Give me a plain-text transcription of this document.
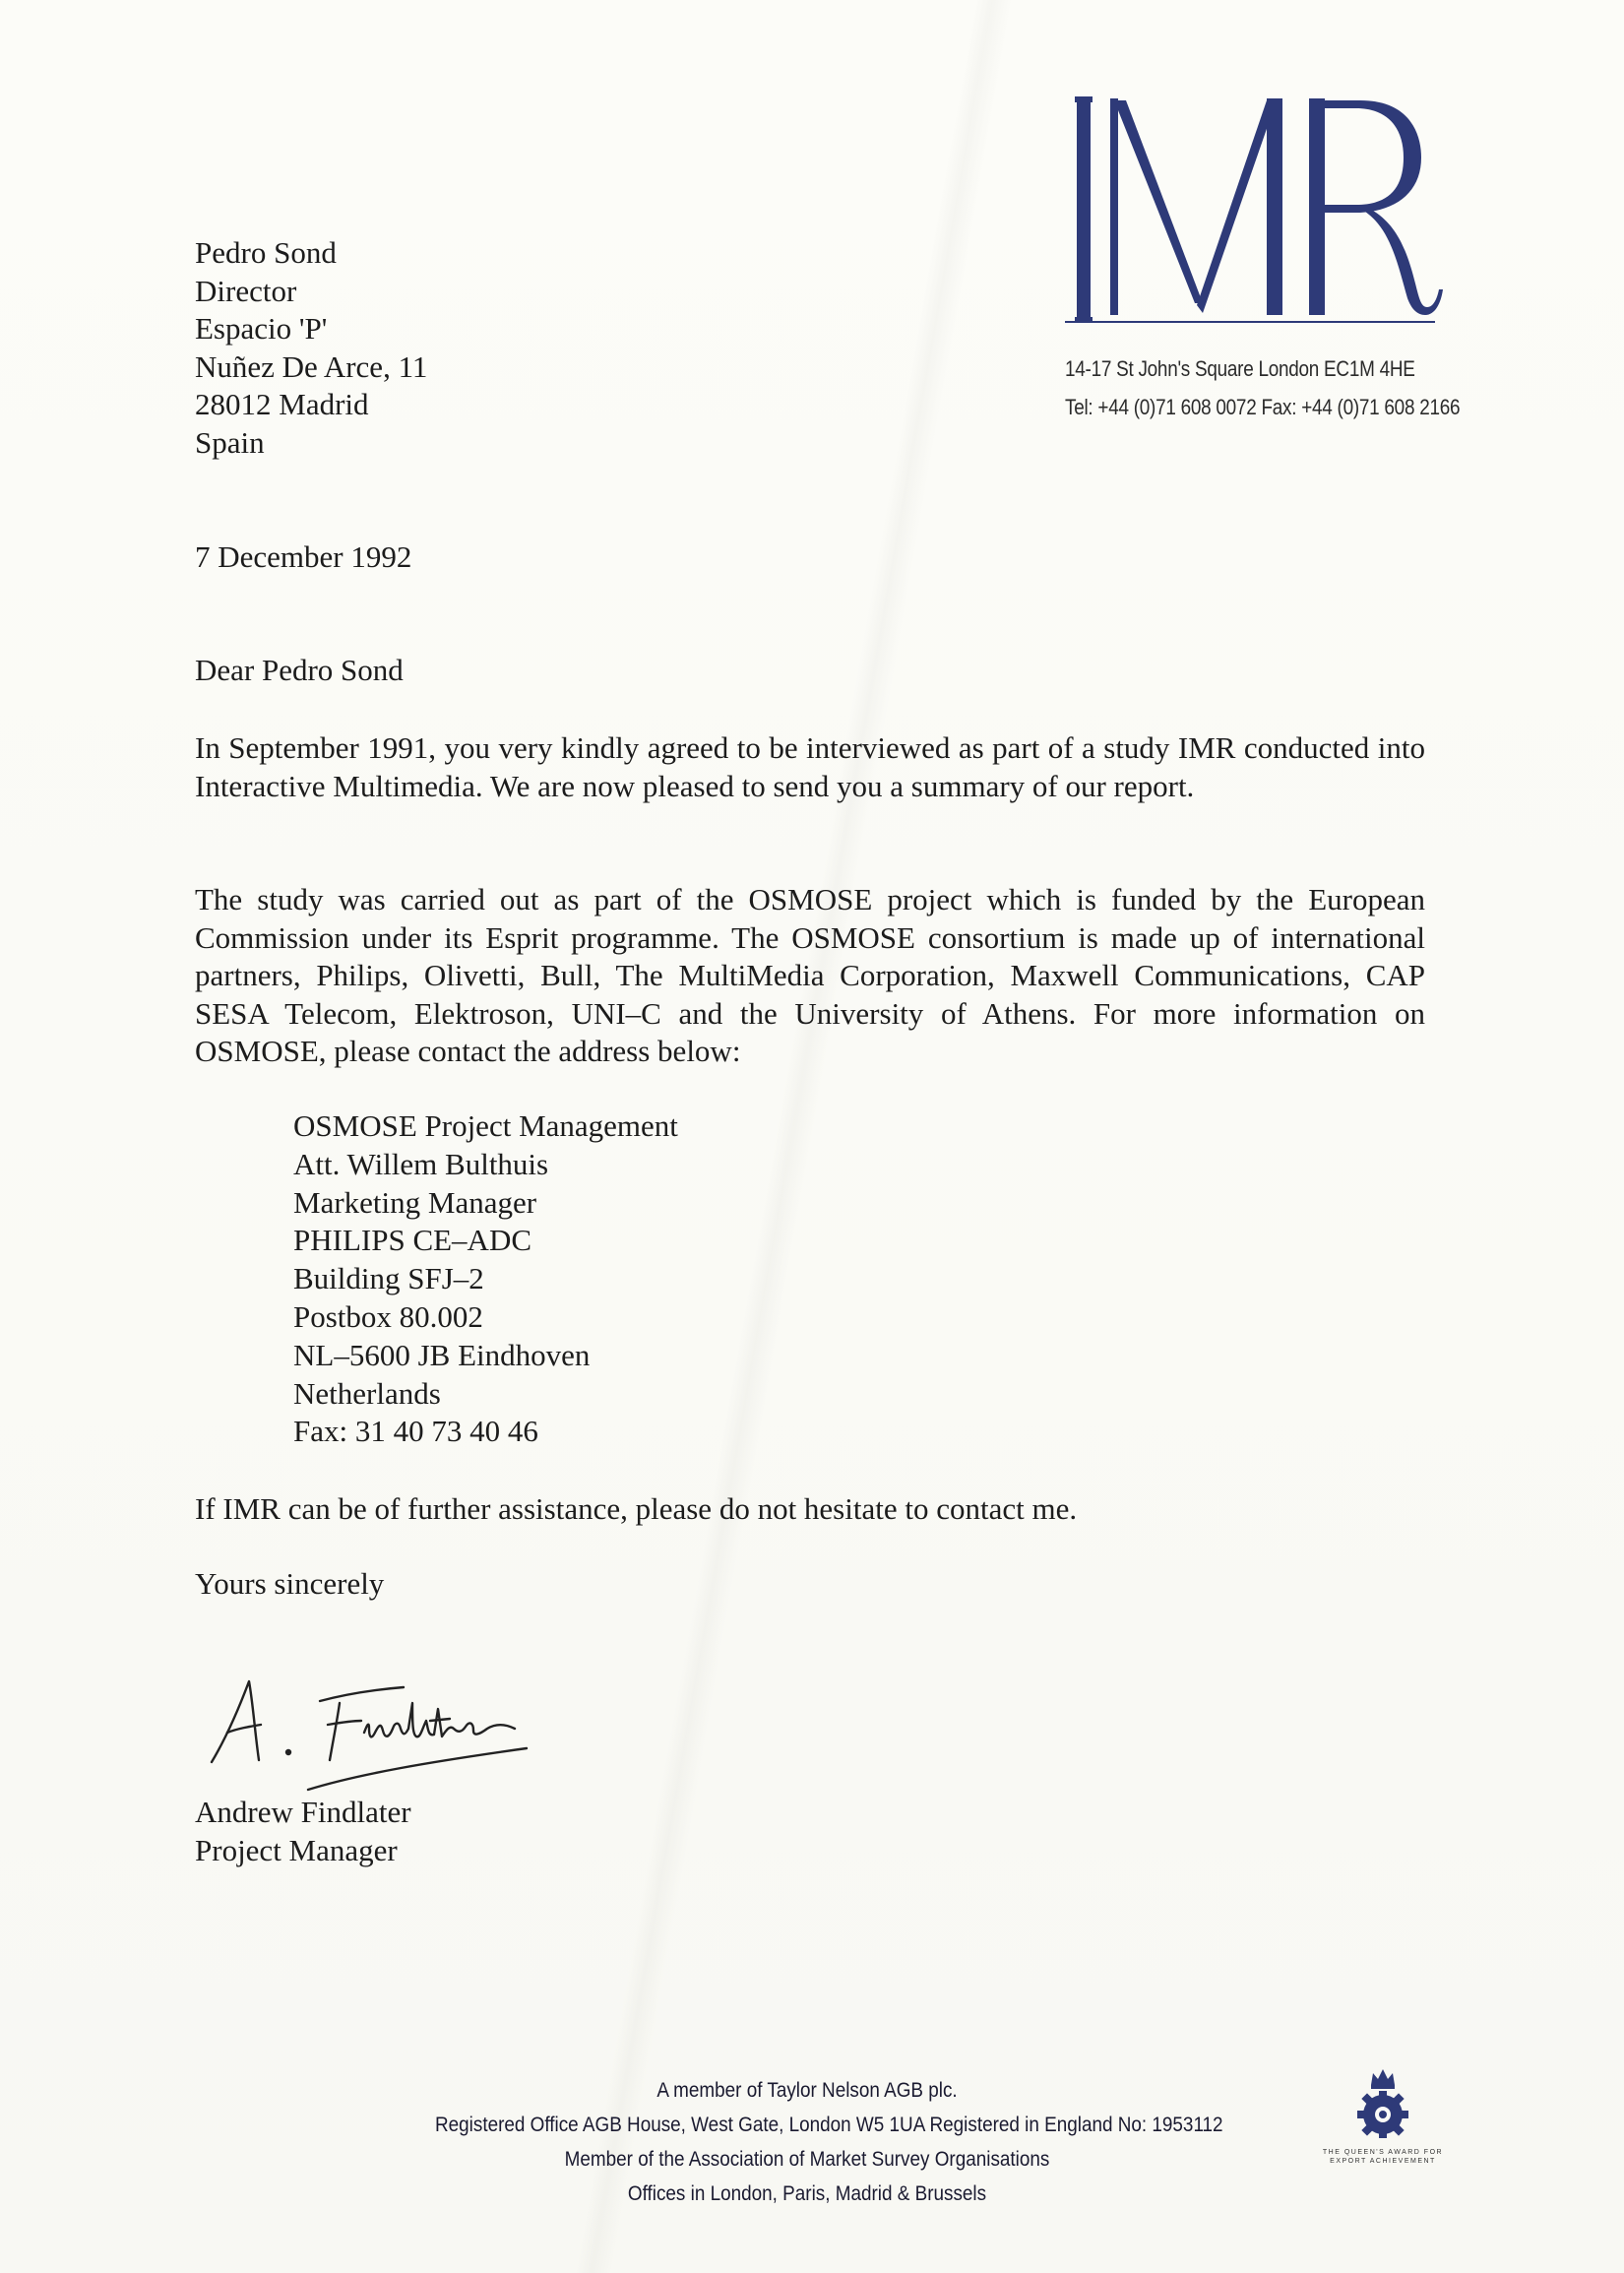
14-17 St John's Square London EC1M 4HE
Tel: +44 (0)71 608 0072 Fax: +44 (0)71 608 2166
Pedro Sond
Director
Espacio 'P'
Nuñez De Arce, 11
28012 Madrid
Spain
7 December 1992
Dear Pedro Sond
In September 1991, you very kindly agreed to be interviewed as part of a study IMR conducted into Interactive Multimedia. We are now pleased to send you a summary of our report.
The study was carried out as part of the OSMOSE project which is funded by the European Commission under its Esprit programme. The OSMOSE consortium is made up of international partners, Philips, Olivetti, Bull, The MultiMedia Corporation, Maxwell Communications, CAP SESA Telecom, Elektroson, UNI–C and the University of Athens. For more information on OSMOSE, please contact the address below:
OSMOSE Project Management
Att. Willem Bulthuis
Marketing Manager
PHILIPS CE–ADC
Building SFJ–2
Postbox 80.002
NL–5600 JB Eindhoven
Netherlands
Fax: 31 40 73 40 46
If IMR can be of further assistance, please do not hesitate to contact me.
Yours sincerely
Andrew Findlater
Project Manager
A member of Taylor Nelson AGB plc.
Registered Office AGB House, West Gate, London W5 1UA Registered in England No: 1953112
Member of the Association of Market Survey Organisations
Offices in London, Paris, Madrid & Brussels
THE QUEEN'S AWARD FOR
EXPORT ACHIEVEMENT
